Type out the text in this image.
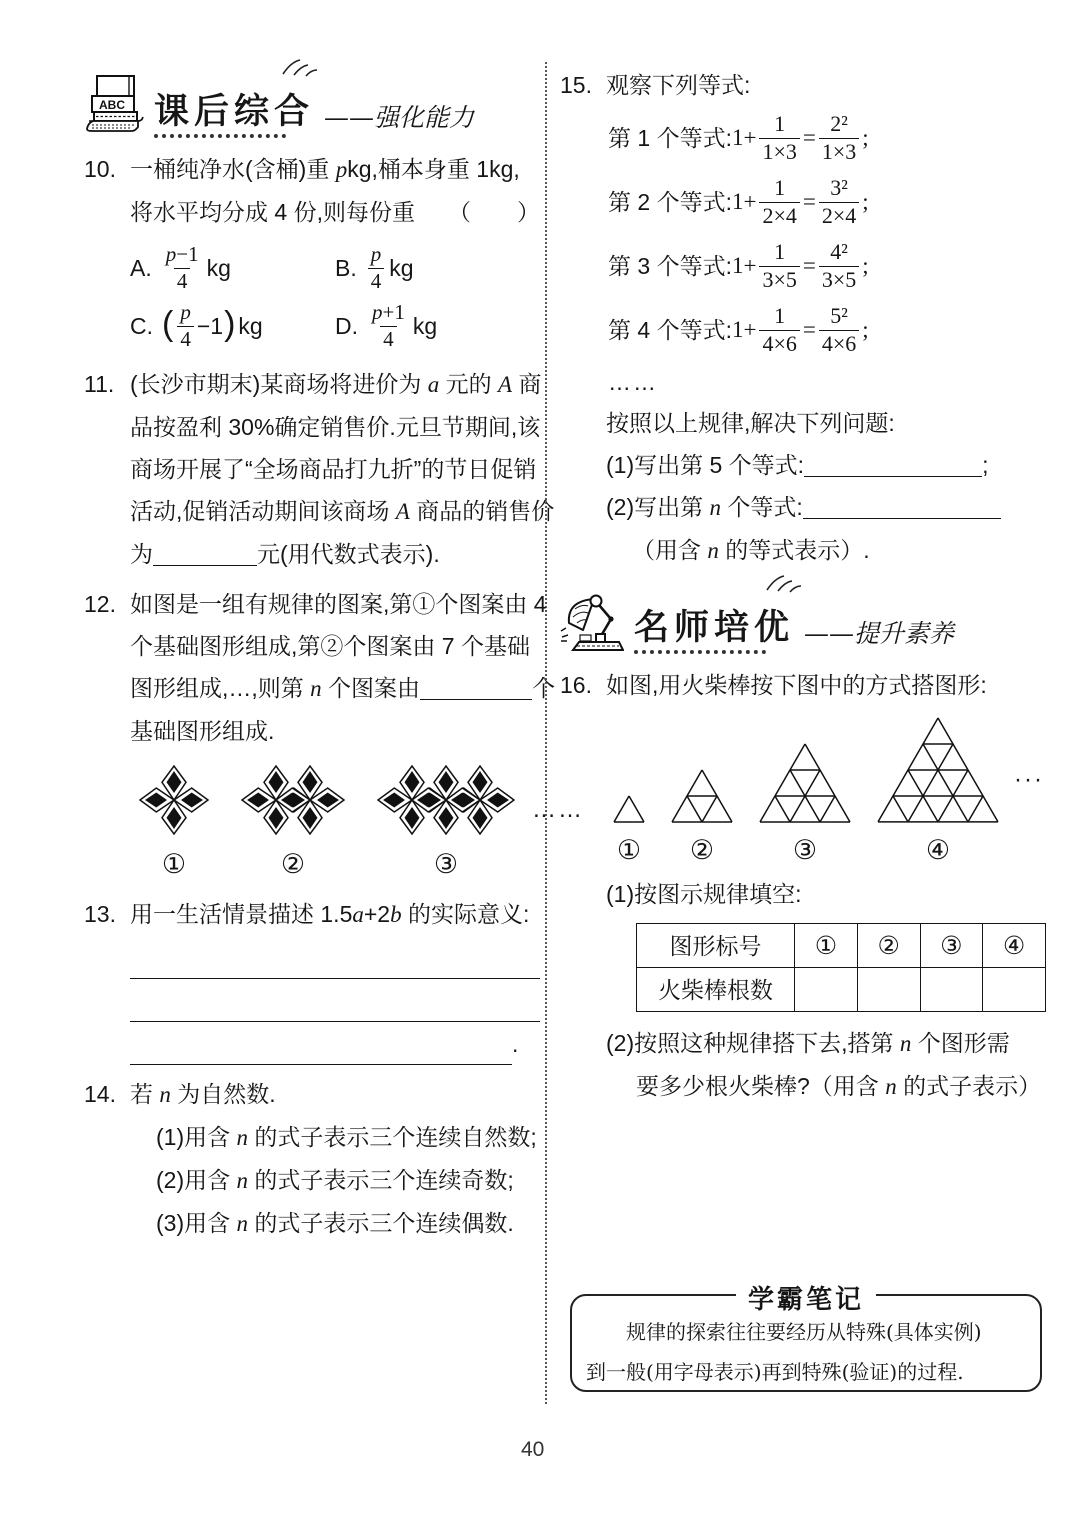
ABC 课后综合 ——强化能力
10. 一桶纯净水(含桶)重 pkg,桶本身重 1kg,
将水平均分成 4 份,则每份重 （　　）
A. $\frac{p-1}{4}$ kg	B. $\frac{p}{4}$ kg
C. ( $\frac{p}{4} -1$ ) kg	D. $\frac{p+1}{4}$ kg
11. (长沙市期末)某商场将进价为 a 元的 A 商
品按盈利 30%确定销售价.元旦节期间,该
商场开展了“全场商品打九折”的节日促销
活动,促销活动期间该商场 A 商品的销售价
为	元(用代数式表示).
12. 如图是一组有规律的图案,第①个图案由 4
个基础图形组成,第②个图案由 7 个基础
图形组成,…,则第 n 个图案由	个
基础图形组成.
①	②	③
……
13. 用一生活情景描述 1.5a+2b 的实际意义:
.
14. 若 n 为自然数.
(1)用含 n 的式子表示三个连续自然数;
(2)用含 n 的式子表示三个连续奇数;
(3)用含 n 的式子表示三个连续偶数.
15. 观察下列等式:
第 1 个等式: $1+ \frac{1}{1\times 3} = \frac{\text{2²}}{1\times 3}$ ;
第 2 个等式: $1+ \frac{1}{2\times 4} = \frac{\text{3²}}{2\times 4}$ ;
第 3 个等式: $1+ \frac{1}{3\times 5} = \frac{\text{4²}}{3\times 5}$ ;
第 4 个等式: $1+ \frac{1}{4\times 6} = \frac{\text{5²}}{4\times 6}$ ;
……
按照以上规律,解决下列问题:
(1)写出第 5 个等式:	;
(2)写出第 n 个等式:
（用含 n 的等式表示）.
名师培优 ——提升素养
16. 如图,用火柴棒按下图中的方式搭图形:
① ②	③	④
···
(1)按图示规律填空:
图形标号	①	②	③	④
火柴棒根数				
(2)按照这种规律搭下去,搭第 n 个图形需
要多少根火柴棒?（用含 n 的式子表示）
学霸笔记
规律的探索往往要经历从特殊(具体实例)
到一般(用字母表示)再到特殊(验证)的过程.
40
